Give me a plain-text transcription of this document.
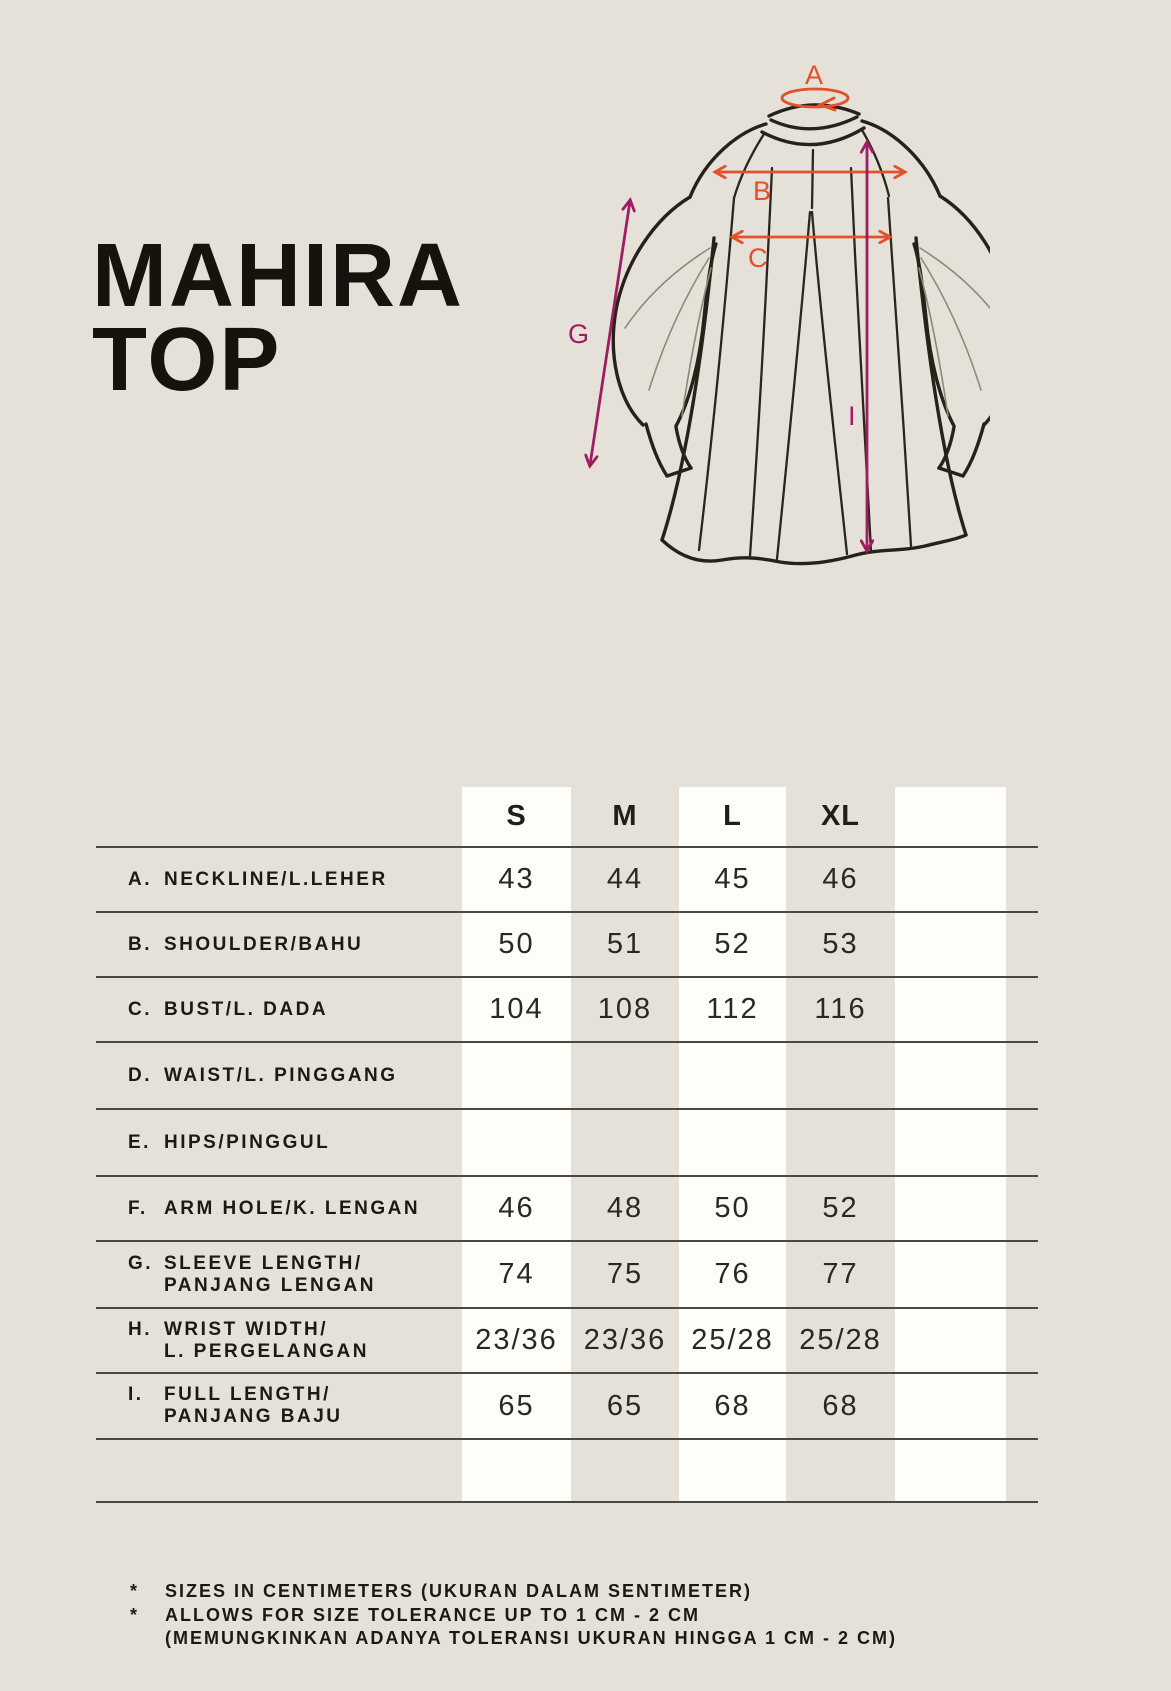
MAHIRA
TOP
A
B
C
G
I
S	M	L	XL
A. NECKLINE/L.LEHER	43	44	45	46
B. SHOULDER/BAHU	50	51	52	53
C. BUST/L. DADA	104	108	112	116
D. WAIST/L. PINGGANG
E. HIPS/PINGGUL
F. ARM HOLE/K. LENGAN	46	48	50	52
G. SLEEVE LENGTH/
PANJANG LENGAN	74	75	76	77
H. WRIST WIDTH/
L. PERGELANGAN	23/36 23/36 25/28 25/28
I.	FULL LENGTH/
PANJANG BAJU	65	65	68	68
*	SIZES IN CENTIMETERS (UKURAN DALAM SENTIMETER)
*	ALLOWS FOR SIZE TOLERANCE UP TO 1 CM - 2 CM
(MEMUNGKINKAN ADANYA TOLERANSI UKURAN HINGGA 1 CM - 2 CM)
